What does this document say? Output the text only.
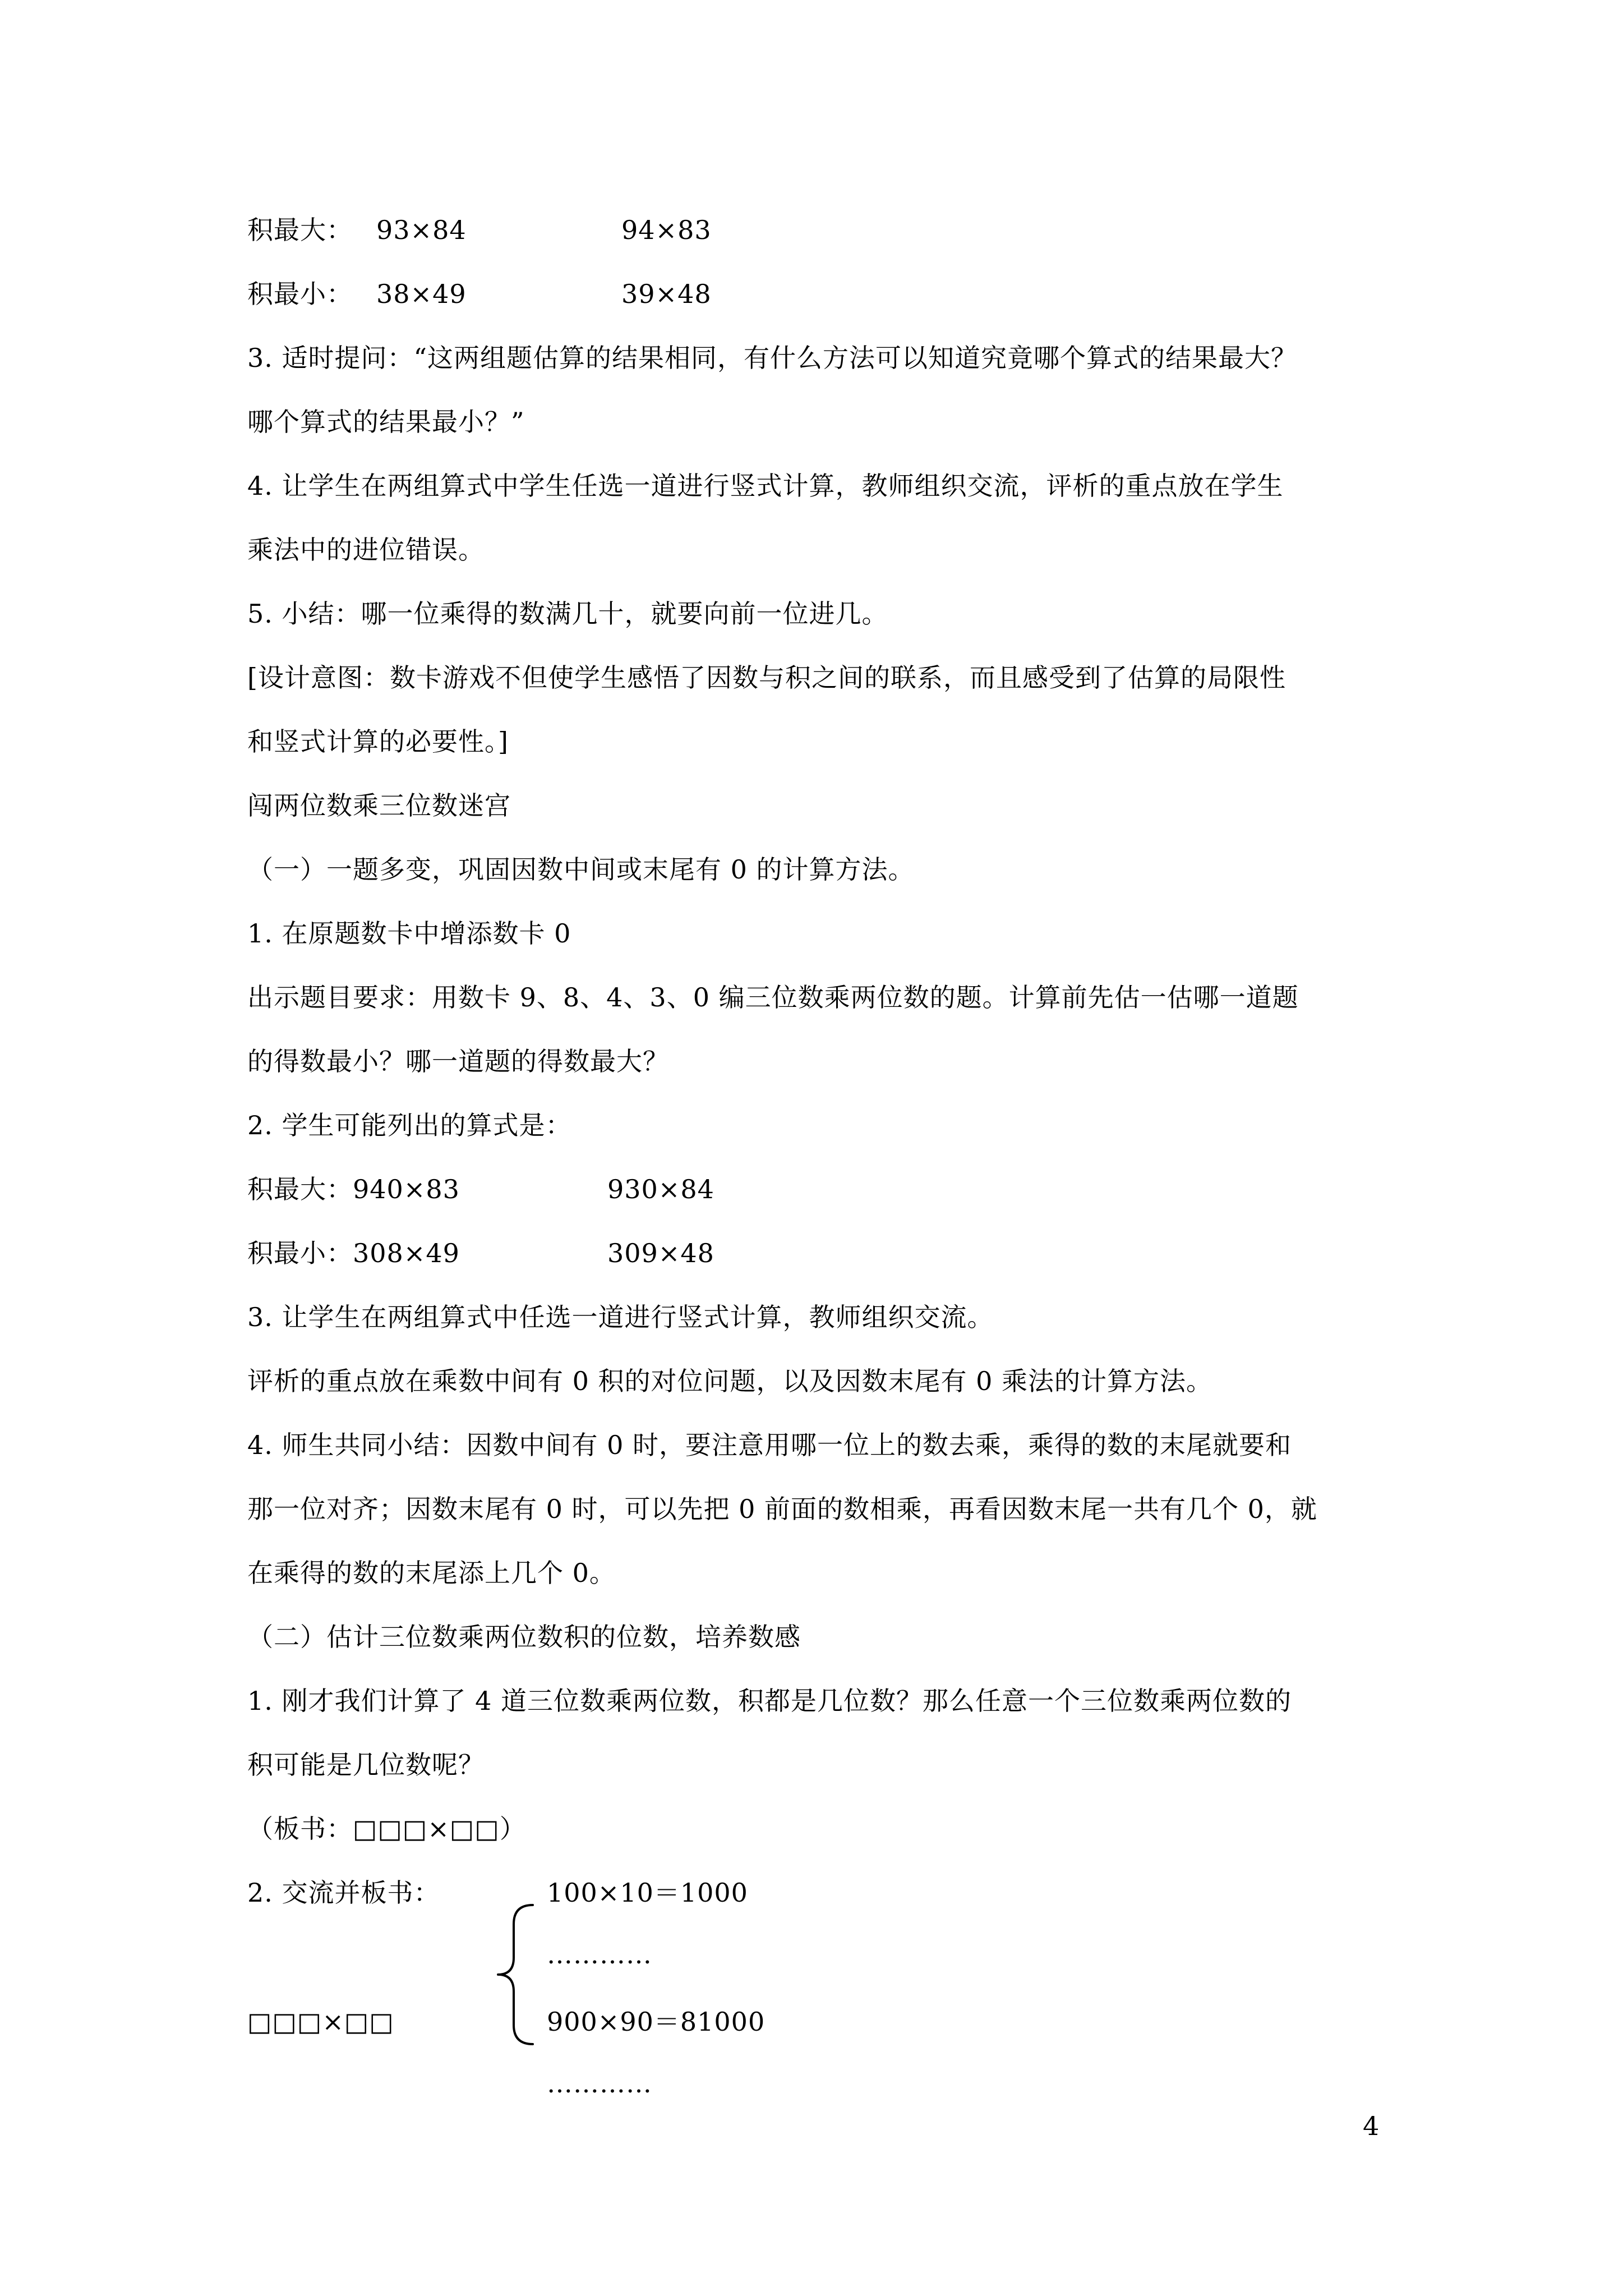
积最大： 93×84	94×83
积最小： 38×49	39×48
3. 适时提问：“这两组题估算的结果相同，有什么方法可以知道究竟哪个算式的结果最大？
哪个算式的结果最小？”
4. 让学生在两组算式中学生任选一道进行竖式计算，教师组织交流，评析的重点放在学生
乘法中的进位错误。
5. 小结：哪一位乘得的数满几十，就要向前一位进几。
[设计意图：数卡游戏不但使学生感悟了因数与积之间的联系，而且感受到了估算的局限性
和竖式计算的必要性。]
闯两位数乘三位数迷宫
（一）一题多变，巩固因数中间或末尾有 0 的计算方法。
1. 在原题数卡中增添数卡 0
出示题目要求：用数卡 9、8、4、3、0 编三位数乘两位数的题。计算前先估一估哪一道题
的得数最小？哪一道题的得数最大？
2. 学生可能列出的算式是：
积最大：940×83	930×84
积最小：308×49	309×48
3. 让学生在两组算式中任选一道进行竖式计算，教师组织交流。
评析的重点放在乘数中间有 0 积的对位问题，以及因数末尾有 0 乘法的计算方法。
4. 师生共同小结：因数中间有 0 时，要注意用哪一位上的数去乘，乘得的数的末尾就要和
那一位对齐；因数末尾有 0 时，可以先把 0 前面的数相乘，再看因数末尾一共有几个 0，就
在乘得的数的末尾添上几个 0。
（二）估计三位数乘两位数积的位数，培养数感
1. 刚才我们计算了 4 道三位数乘两位数，积都是几位数？那么任意一个三位数乘两位数的
积可能是几位数呢？
（板书：□□□×□□）
2. 交流并板书：	100×10＝1000
…………
□□□×□□	900×90＝81000
…………
4
